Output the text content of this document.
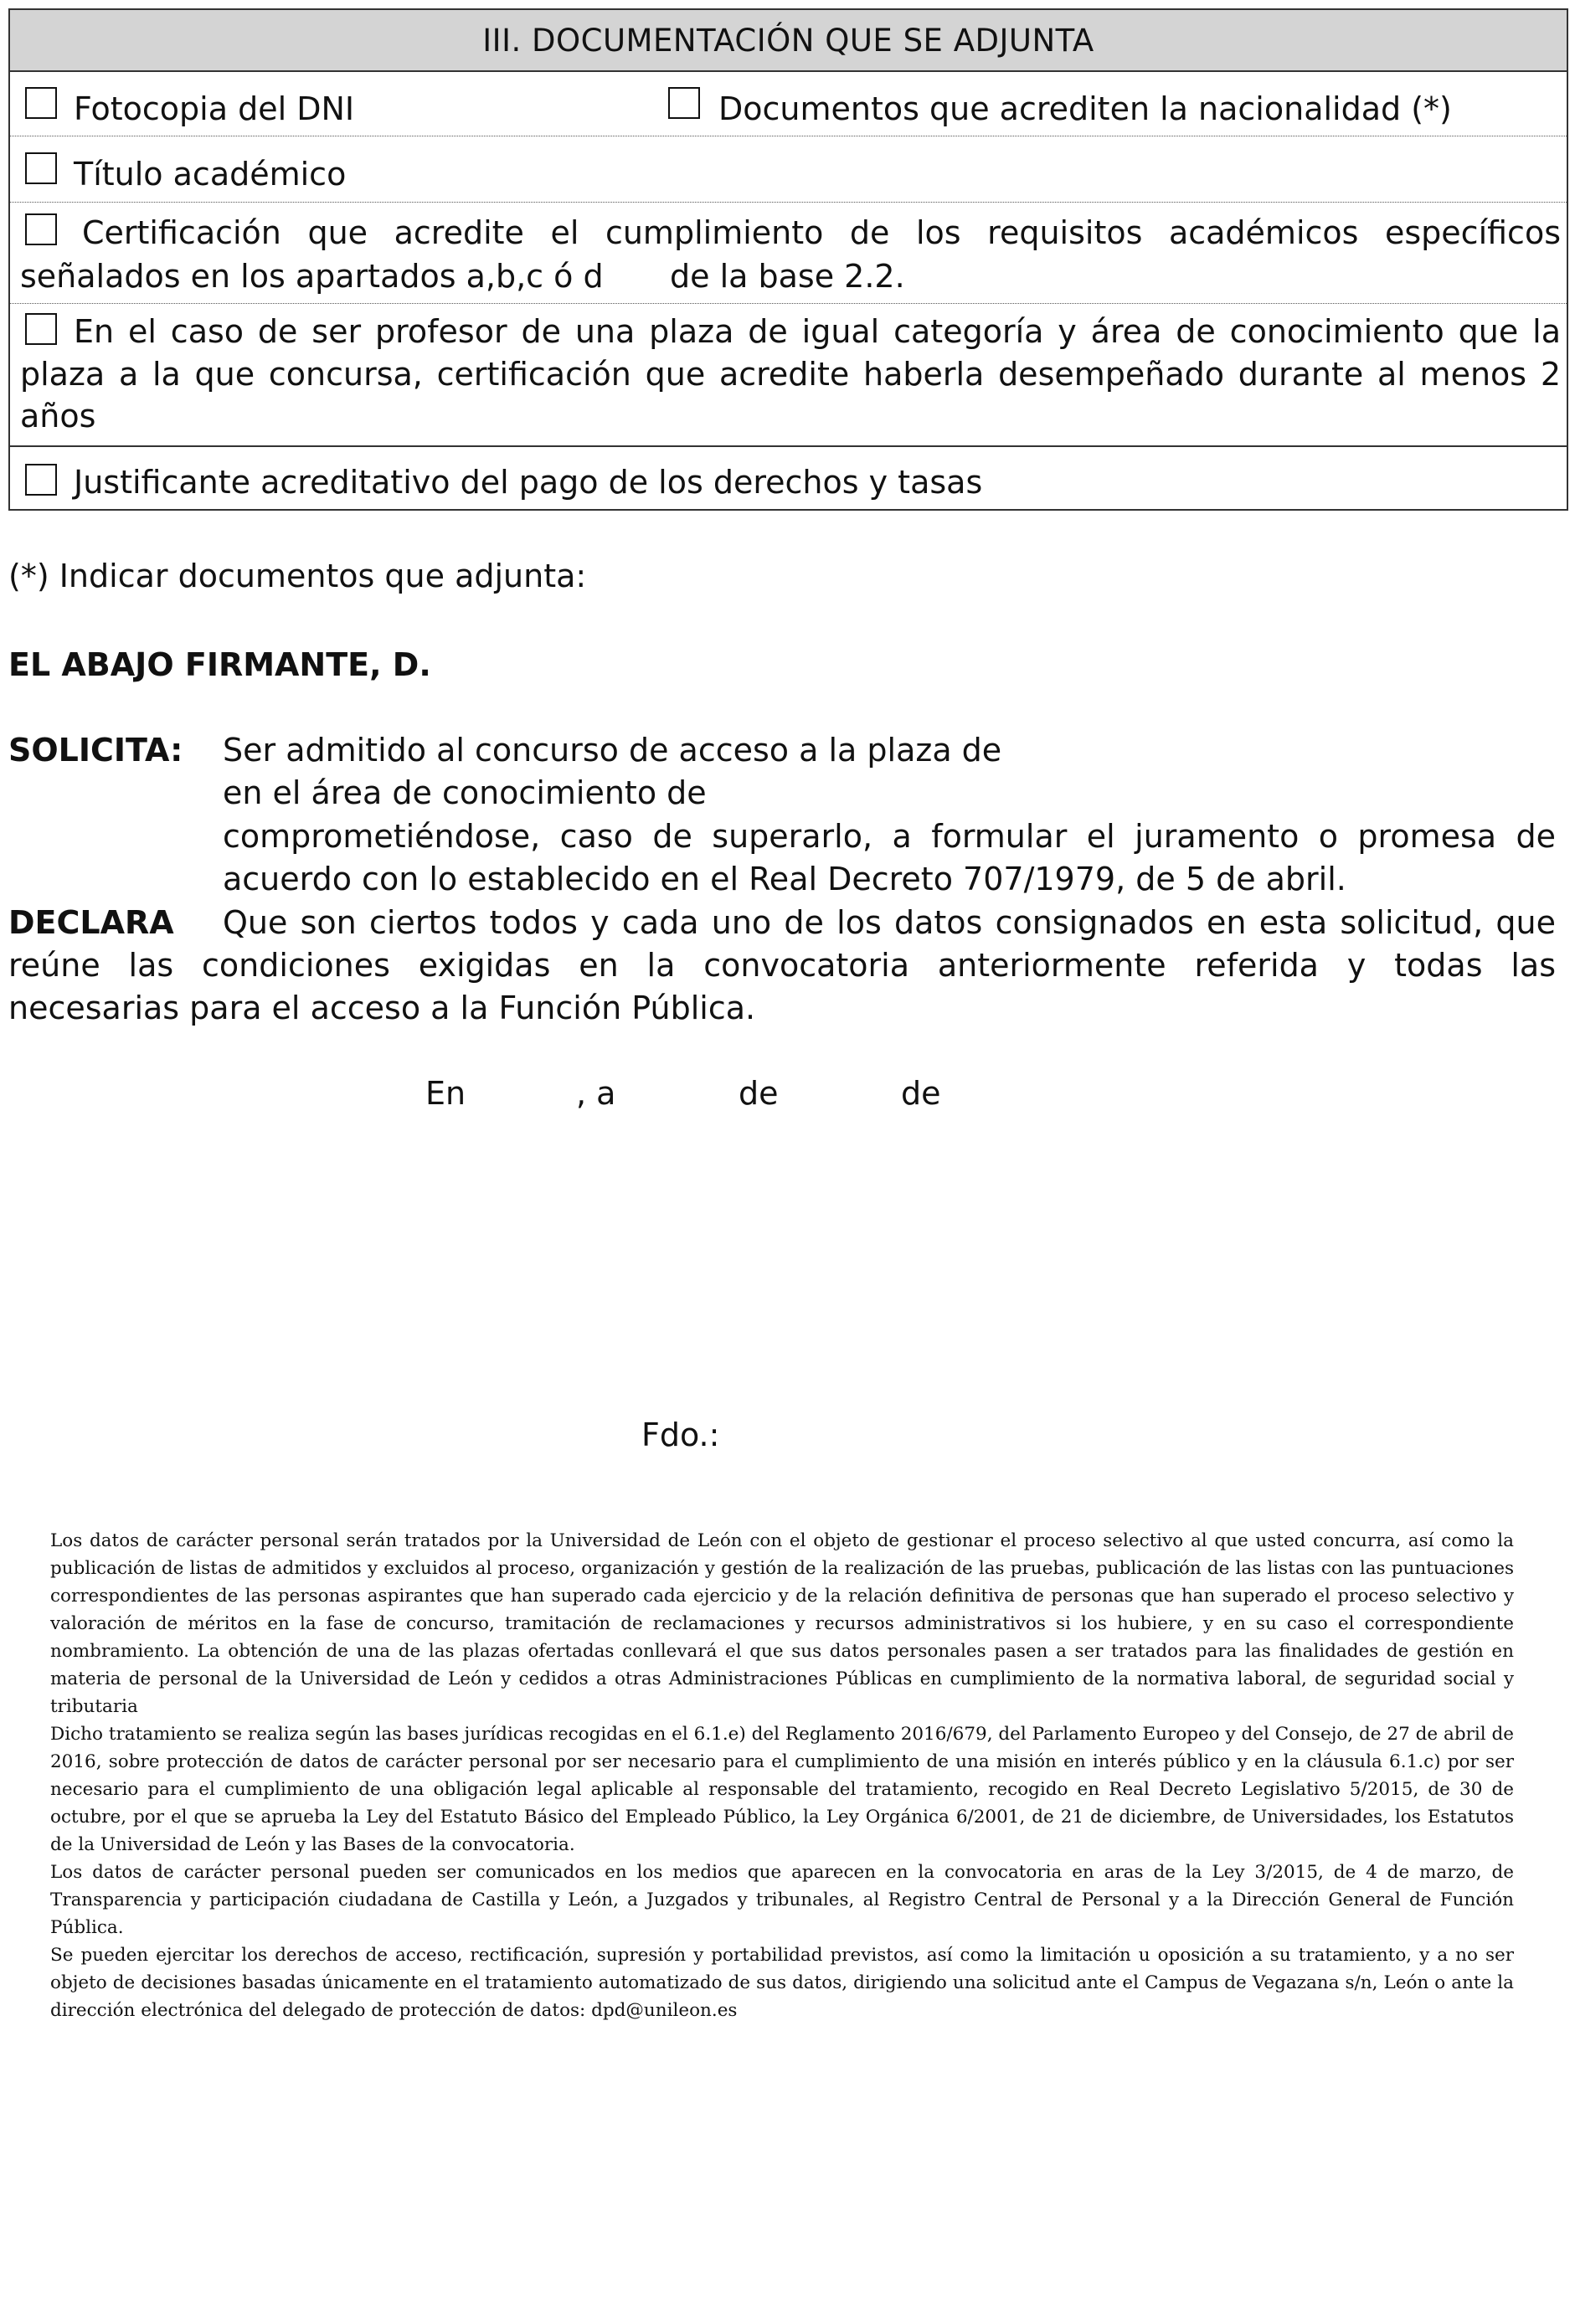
III. DOCUMENTACIÓN QUE SE ADJUNTA
Fotocopia del DNI	Documentos que acrediten la nacionalidad (*)
Título académico
Certificación que acredite el cumplimiento de los requisitos académicos específicos
señalados en los apartados a,b,c ó d de la base 2.2.
En el caso de ser profesor de una plaza de igual categoría y área de conocimiento que la
plaza a la que concursa, certificación que acredite haberla desempeñado durante al menos 2
años
Justificante acreditativo del pago de los derechos y tasas
(*) Indicar documentos que adjunta:
EL ABAJO FIRMANTE, D.
SOLICITA: Ser admitido al concurso de acceso a la plaza de
en el área de conocimiento de
comprometiéndose, caso de superarlo, a formular el juramento o promesa de
acuerdo con lo establecido en el Real Decreto 707/1979, de 5 de abril.
DECLARA Que son ciertos todos y cada uno de los datos consignados en esta solicitud, que
reúne las condiciones exigidas en la convocatoria anteriormente referida y todas las
necesarias para el acceso a la Función Pública.
En	, a	de	de
Fdo.:

Los datos de carácter personal serán tratados por la Universidad de León con el objeto de gestionar el proceso selectivo al que usted concurra, así como la publicación de listas de admitidos y excluidos al proceso, organización y gestión de la realización de las pruebas, publicación de las listas con las puntuaciones correspondientes de las personas aspirantes que han superado cada ejercicio y de la relación definitiva de personas que han superado el proceso selectivo y valoración de méritos en la fase de concurso, tramitación de reclamaciones y recursos administrativos si los hubiere, y en su caso el correspondiente nombramiento. La obtención de una de las plazas ofertadas conllevará el que sus datos personales pasen a ser tratados para las finalidades de gestión en materia de personal de la Universidad de León y cedidos a otras Administraciones Públicas en cumplimiento de la normativa laboral, de seguridad social y tributaria

Dicho tratamiento se realiza según las bases jurídicas recogidas en el 6.1.e) del Reglamento 2016/679, del Parlamento Europeo y del Consejo, de 27 de abril de 2016, sobre protección de datos de carácter personal por ser necesario para el cumplimiento de una misión en interés público y en la cláusula 6.1.c) por ser necesario para el cumplimiento de una obligación legal aplicable al responsable del tratamiento, recogido en Real Decreto Legislativo 5/2015, de 30 de octubre, por el que se aprueba la Ley del Estatuto Básico del Empleado Público, la Ley Orgánica 6/2001, de 21 de diciembre, de Universidades, los Estatutos de la Universidad de León y las Bases de la convocatoria.

Los datos de carácter personal pueden ser comunicados en los medios que aparecen en la convocatoria en aras de la Ley 3/2015, de 4 de marzo, de Transparencia y participación ciudadana de Castilla y León, a Juzgados y tribunales, al Registro Central de Personal y a la Dirección General de Función Pública.

Se pueden ejercitar los derechos de acceso, rectificación, supresión y portabilidad previstos, así como la limitación u oposición a su tratamiento, y a no ser objeto de decisiones basadas únicamente en el tratamiento automatizado de sus datos, dirigiendo una solicitud ante el Campus de Vegazana s/n, León o ante la dirección electrónica del delegado de protección de datos: dpd@unileon.es
